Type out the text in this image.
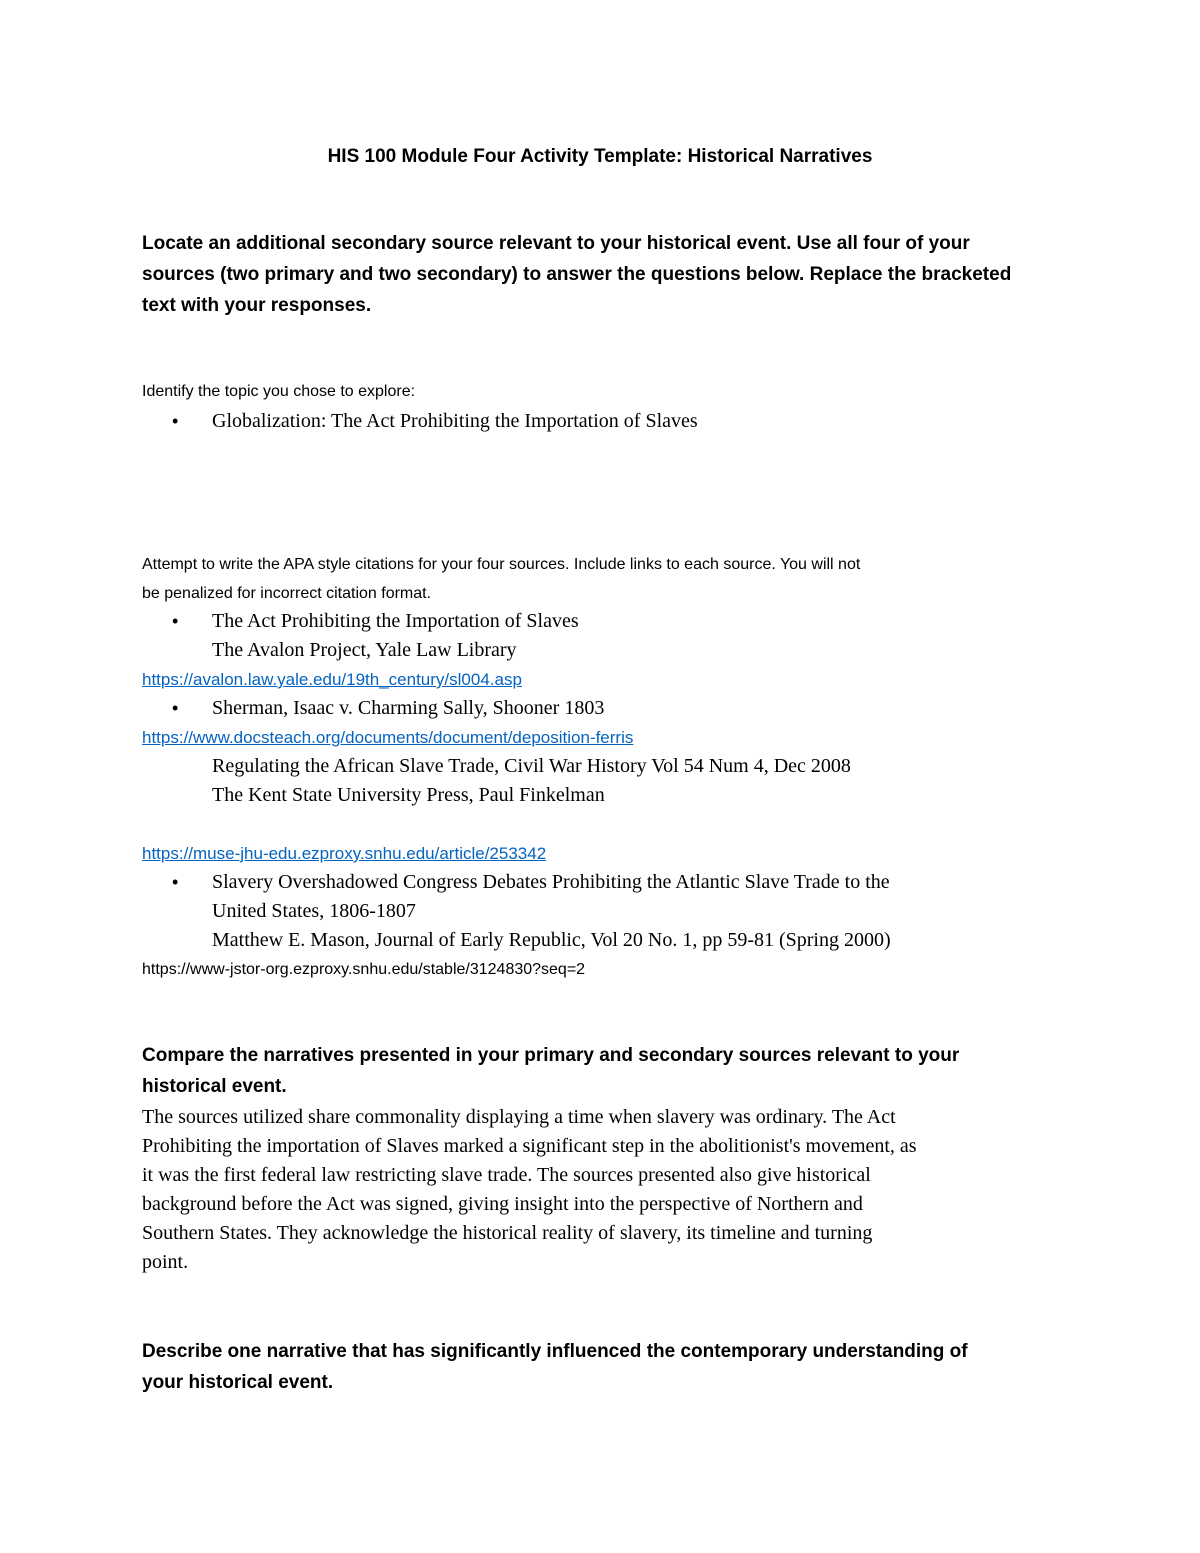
HIS 100 Module Four Activity Template: Historical Narratives
Locate an additional secondary source relevant to your historical event. Use all four of your
sources (two primary and two secondary) to answer the questions below. Replace the bracketed
text with your responses.
Identify the topic you chose to explore:
• Globalization: The Act Prohibiting the Importation of Slaves
Attempt to write the APA style citations for your four sources. Include links to each source. You will not
be penalized for incorrect citation format.
• The Act Prohibiting the Importation of Slaves
The Avalon Project, Yale Law Library
https://avalon.law.yale.edu/19th_century/sl004.asp
• Sherman, Isaac v. Charming Sally, Shooner 1803
https://www.docsteach.org/documents/document/deposition-ferris
Regulating the African Slave Trade, Civil War History Vol 54 Num 4, Dec 2008
The Kent State University Press, Paul Finkelman
https://muse-jhu-edu.ezproxy.snhu.edu/article/253342
• Slavery Overshadowed Congress Debates Prohibiting the Atlantic Slave Trade to the
United States, 1806-1807
Matthew E. Mason, Journal of Early Republic, Vol 20 No. 1, pp 59-81 (Spring 2000)
https://www-jstor-org.ezproxy.snhu.edu/stable/3124830?seq=2
Compare the narratives presented in your primary and secondary sources relevant to your
historical event.
The sources utilized share commonality displaying a time when slavery was ordinary. The Act
Prohibiting the importation of Slaves marked a significant step in the abolitionist's movement, as
it was the first federal law restricting slave trade. The sources presented also give historical
background before the Act was signed, giving insight into the perspective of Northern and
Southern States. They acknowledge the historical reality of slavery, its timeline and turning
point.
Describe one narrative that has significantly influenced the contemporary understanding of
your historical event.
